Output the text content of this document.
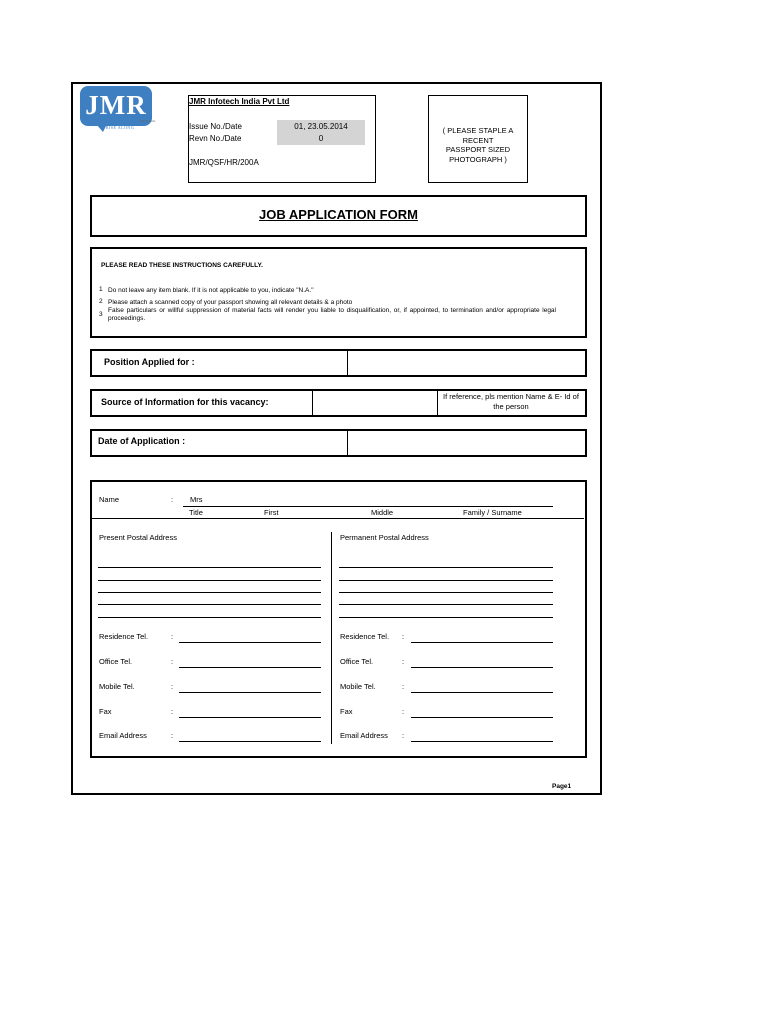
JMR
INFOTECH
RISE ALONG
JMR Infotech India Pvt Ltd
Issue No./Date	01, 23.05.2014
Revn No./Date	0
JMR/QSF/HR/200A
( PLEASE STAPLE A RECENT
PASSPORT SIZED
PHOTOGRAPH )
JOB APPLICATION FORM
PLEASE READ THESE INSTRUCTIONS CAREFULLY.
1 Do not leave any item blank. If it is not applicable to you, indicate "N.A."
2 Please attach a scanned copy of your passport showing all relevant details & a photo
3
False particulars or willful suppression of material facts will render you liable to disqualification, or, if appointed, to termination and/or appropriate legal proceedings.
Position Applied for :
Source of Information for this vacancy:
If reference, pls mention Name & E- Id of the person
Date of Application :
Name	: Mrs
Title	First	Middle	Family / Surname
Present Postal Address
Residence Tel.	:
Office Tel.	:
Mobile Tel.	:
Fax	:
Email Address	:
Permanent Postal Address
Residence Tel. :
Office Tel.	:
Mobile Tel.	:
Fax	:
Email Address :
Page1
